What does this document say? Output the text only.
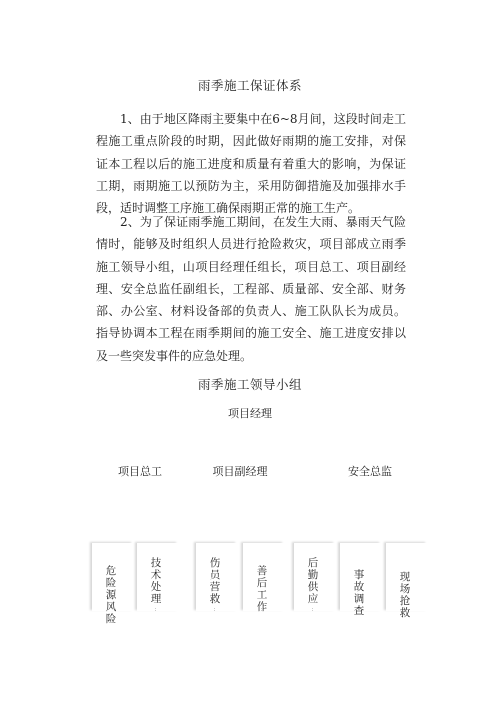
雨季施工保证体系

1、由于地区降雨主要集中在6~8月间，这段时间走工程施工重点阶段的时期，因此做好雨期的施工安排，对保证本工程以后的施工进度和质量有着重大的影响，为保证工期，雨期施工以预防为主，采用防御措施及加强排水手段，适时调整工序施工确保雨期正常的施工生产。

2、为了保证雨季施工期间，在发生大雨、暴雨天气险情时，能够及时组织人员进行抢险救灾，项目部成立雨季施工领导小组，山项目经理任组长，项目总工、项目副经理、安全总监任副组长，工程部、质量部、安全部、财务部、办公室、材料设备部的负责人、施工队队长为成员。指导协调本工程在雨季期间的施工安全、施工进度安排以及一些突发事件的应急处理。

雨季施工领导小组
项目经理
项目总工	项目副经理	安全总监
危险源风险
技术处理
伤员营救
善后工作
后勤供应
事故调查
现场抢救
